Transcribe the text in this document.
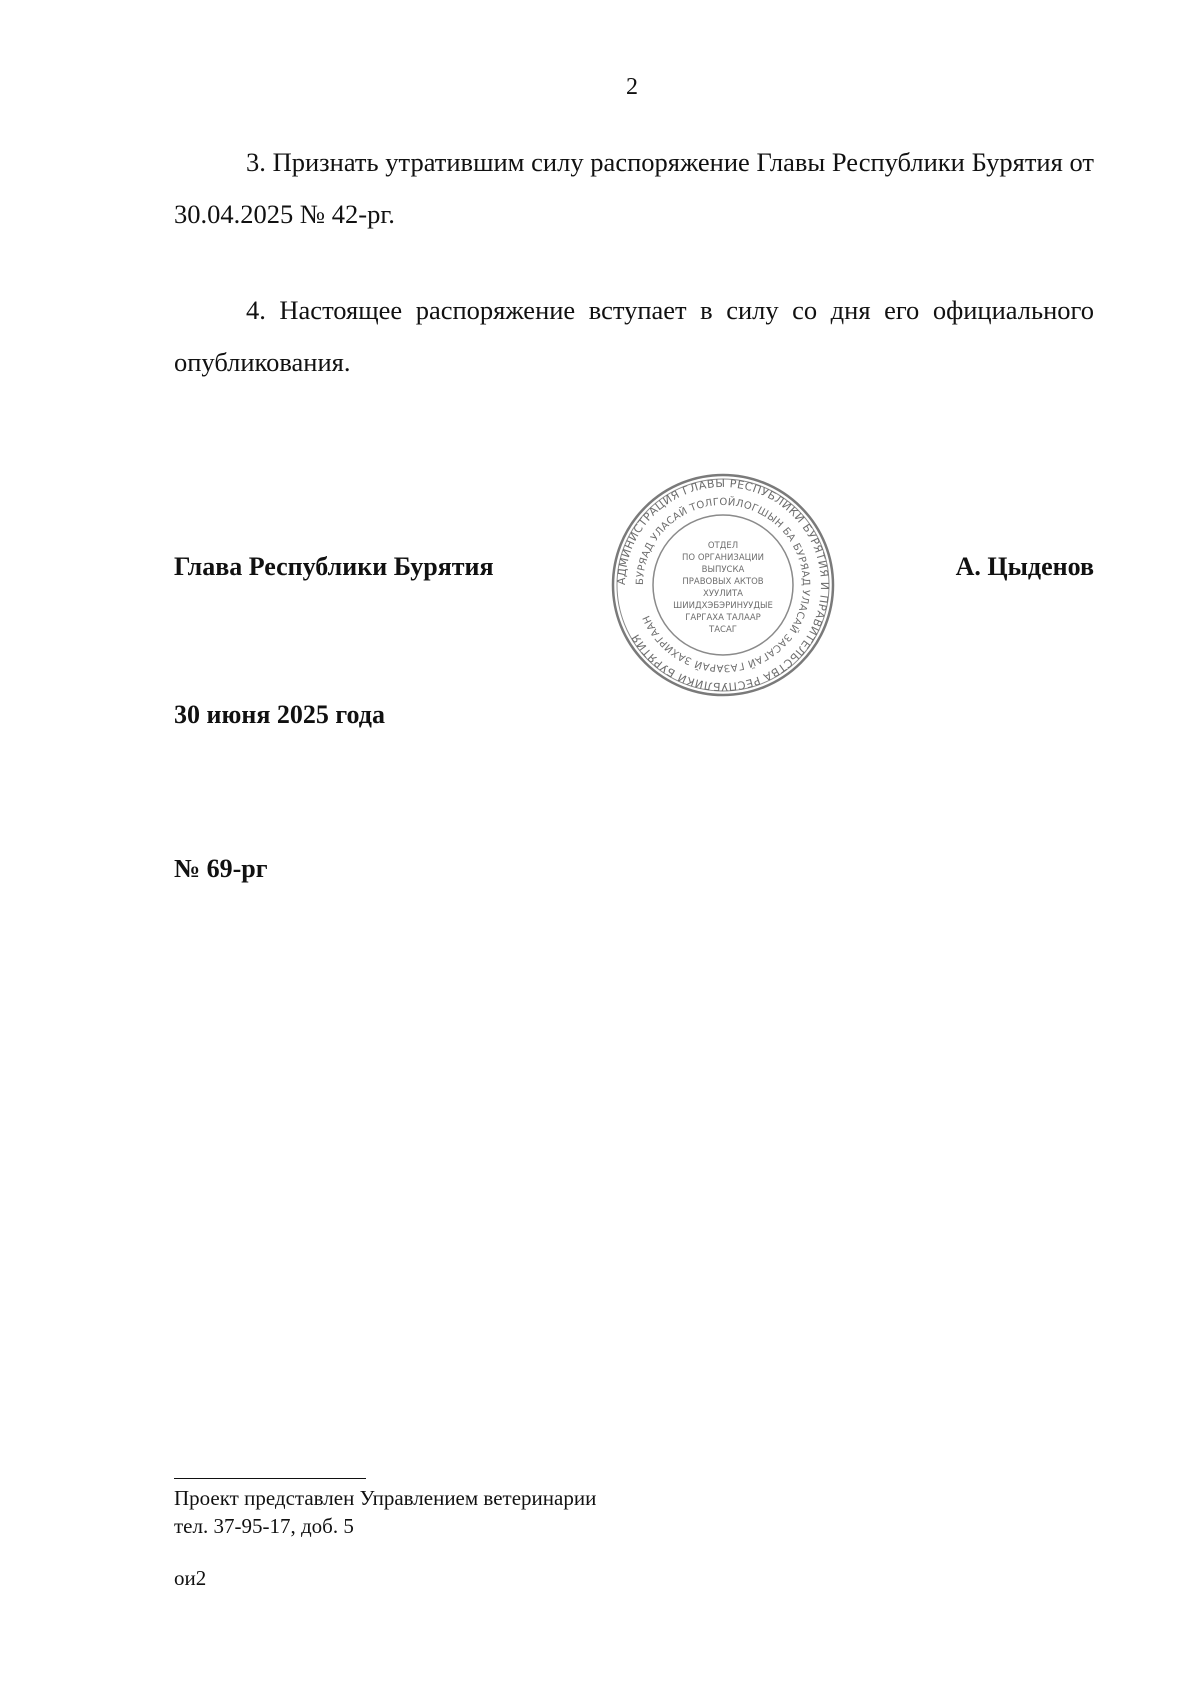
2

3. Признать утратившим силу распоряжение Главы Республики Бурятия от 30.04.2025 № 42-рг.

4. Настоящее распоряжение вступает в силу со дня его официального опубликования.

Глава Республики Бурятия	АДМИНИСТРАЦИЯ ГЛАВЫ РЕСПУБЛИКИ БУРЯТИЯ И ПРАВИТЕЛЬСТВА РЕСПУБЛИКИ БУРЯТИЯ
БУРЯАД УЛАСАЙ ТОЛГОЙЛОГШЫН БА БУРЯАД УЛАСАЙ ЗАСАГАЙ ГАЗАРАЙ ЗАХИРГААН
ОТДЕЛ
ПО ОРГАНИЗАЦИИ
ВЫПУСКА
ПРАВОВЫХ АКТОВ
ХУУЛИТА
ШИИДХЭБЭРИНУУДЫЕ
ГАРГАХА ТАЛААР
ТАСАГ
А. Цыденов
30 июня 2025 года
№ 69-рг
Проект представлен Управлением ветеринарии
тел. 37-95-17, доб. 5
ои2
